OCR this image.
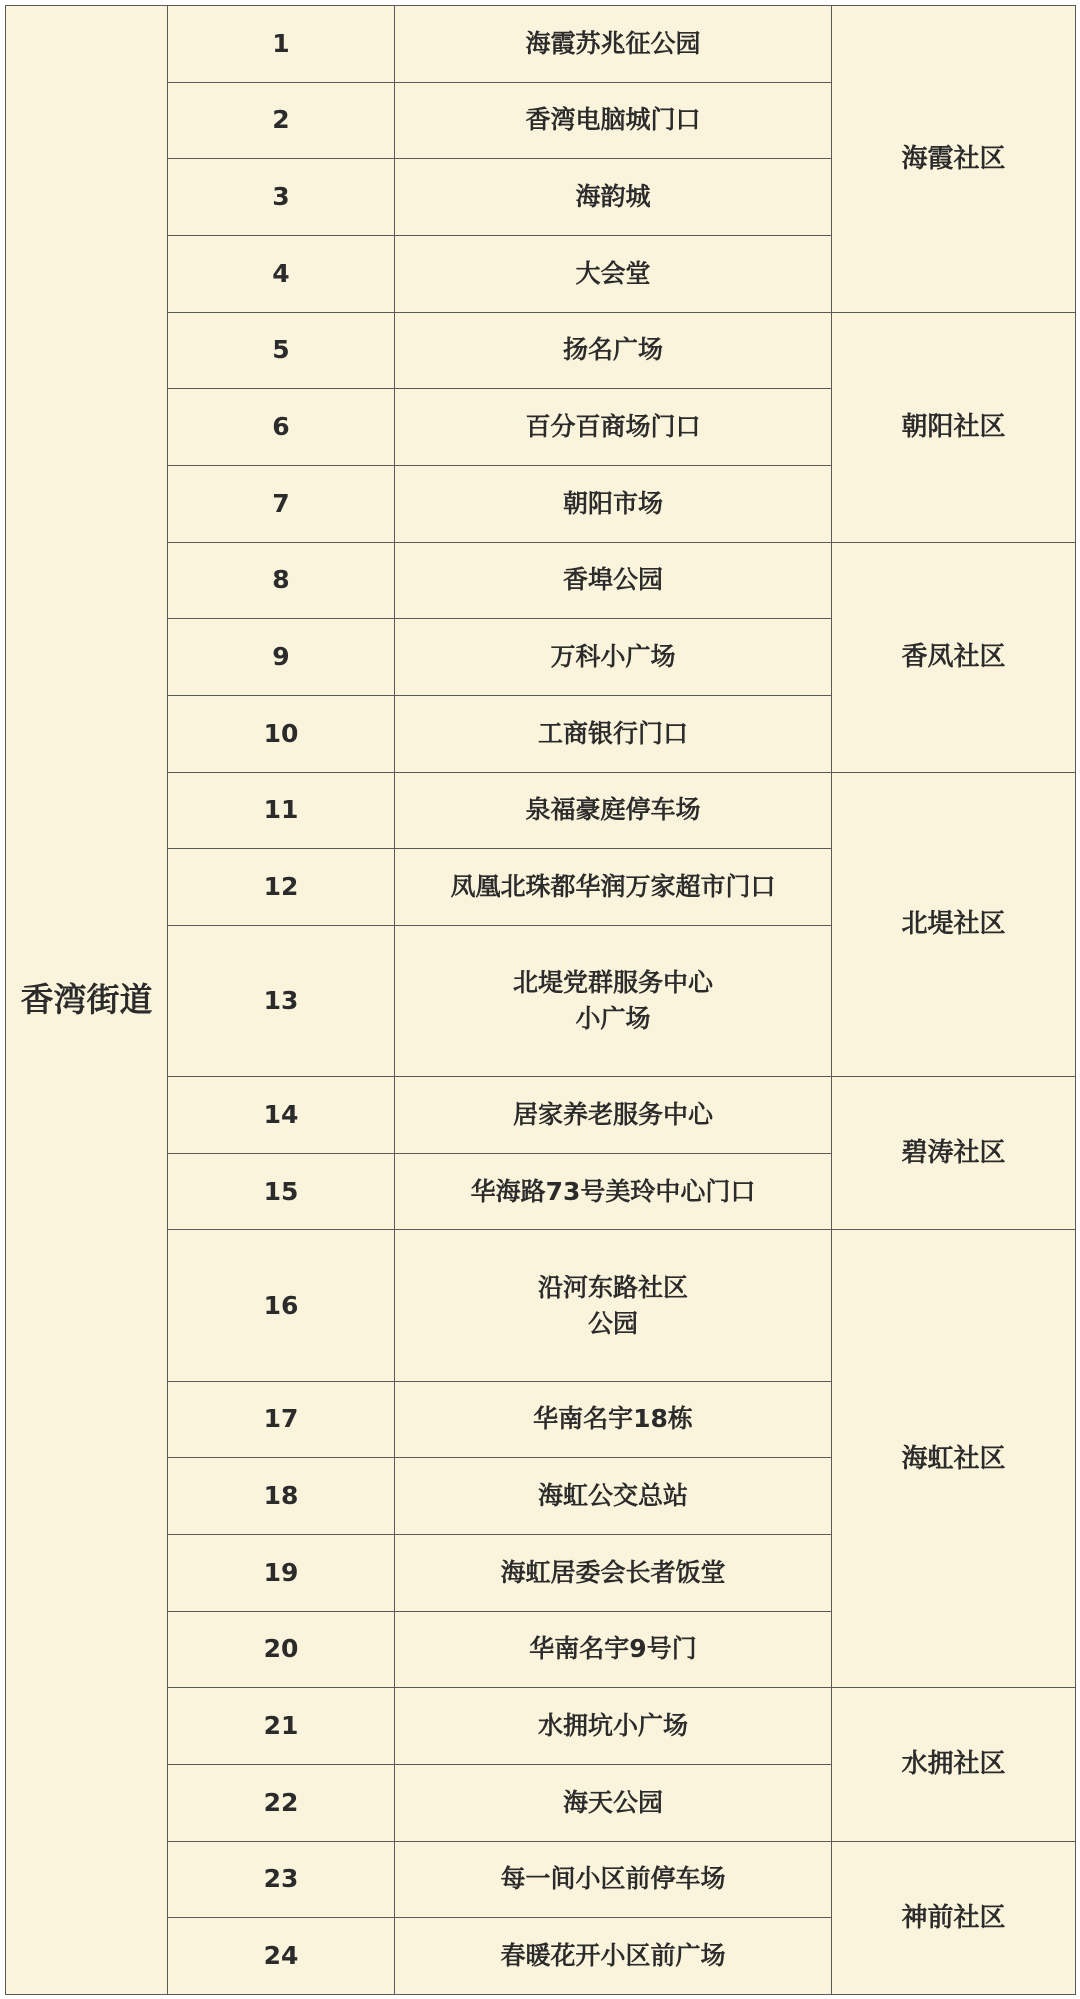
香湾街道	1	海霞苏兆征公园	海霞社区
	2	香湾电脑城门口	
	3	海韵城	
	4	大会堂	
	5	扬名广场	朝阳社区
	6	百分百商场门口	
	7	朝阳市场	
	8	香埠公园	香凤社区
	9	万科小广场	
	10	工商银行门口	
	11	泉福豪庭停车场	北堤社区
	12	凤凰北珠都华润万家超市门口	
	13	北堤党群服务中心
小广场	
	14	居家养老服务中心	碧涛社区
	15	华海路73号美玲中心门口	
	16	沿河东路社区
公园	海虹社区
	17	华南名宇18栋	
	18	海虹公交总站	
	19	海虹居委会长者饭堂	
	20	华南名宇9号门	
	21	水拥坑小广场	水拥社区
	22	海天公园	
	23	每一间小区前停车场	神前社区
	24	春暖花开小区前广场	
